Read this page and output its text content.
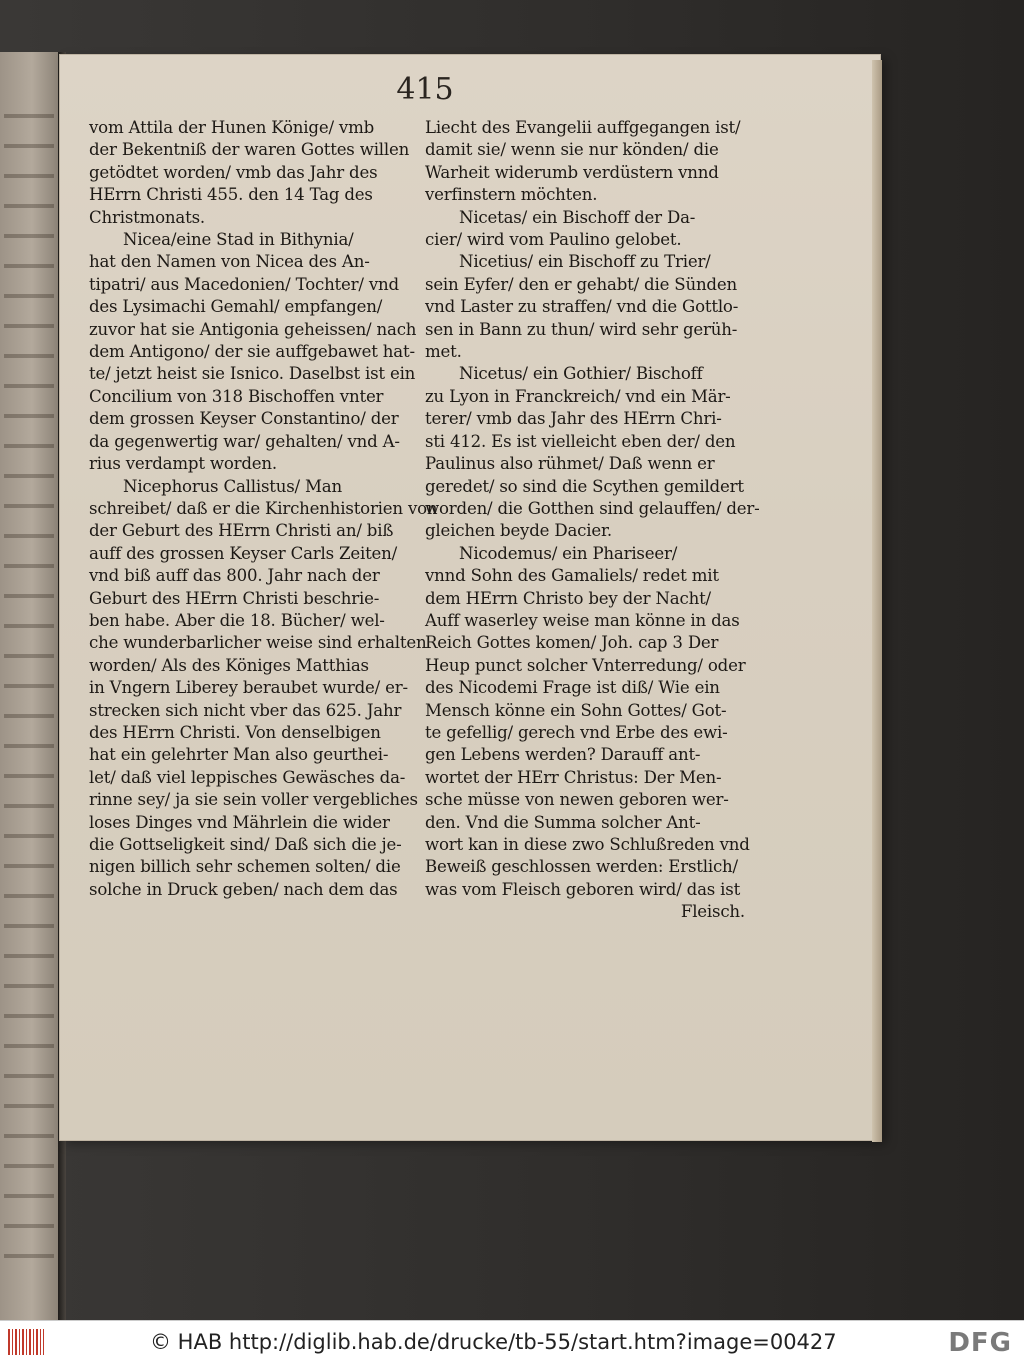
415
vom Attila der Hunen Könige/ vmb
der Bekentniß der waren Gottes willen
getödtet worden/ vmb das Jahr des
HErrn Christi 455. den 14 Tag des
Christmonats.
Nicea/eine Stad in Bithynia/
hat den Namen von Nicea des An-
tipatri/ aus Macedonien/ Tochter/ vnd
des Lysimachi Gemahl/ empfangen/
zuvor hat sie Antigonia geheissen/ nach
dem Antigono/ der sie auffgebawet hat-
te/ jetzt heist sie Isnico. Daselbst ist ein
Concilium von 318 Bischoffen vnter
dem grossen Keyser Constantino/ der
da gegenwertig war/ gehalten/ vnd A-
rius verdampt worden.
Nicephorus Callistus/ Man
schreibet/ daß er die Kirchenhistorien von
der Geburt des HErrn Christi an/ biß
auff des grossen Keyser Carls Zeiten/
vnd biß auff das 800. Jahr nach der
Geburt des HErrn Christi beschrie-
ben habe. Aber die 18. Bücher/ wel-
che wunderbarlicher weise sind erhalten
worden/ Als des Königes Matthias
in Vngern Liberey beraubet wurde/ er-
strecken sich nicht vber das 625. Jahr
des HErrn Christi. Von denselbigen
hat ein gelehrter Man also geurthei-
let/ daß viel leppisches Gewäsches da-
rinne sey/ ja sie sein voller vergebliches
loses Dinges vnd Mährlein die wider
die Gottseligkeit sind/ Daß sich die je-
nigen billich sehr schemen solten/ die
solche in Druck geben/ nach dem das
Liecht des Evangelii auffgegangen ist/
damit sie/ wenn sie nur könden/ die
Warheit widerumb verdüstern vnnd
verfinstern möchten.
Nicetas/ ein Bischoff der Da-
cier/ wird vom Paulino gelobet.
Nicetius/ ein Bischoff zu Trier/
sein Eyfer/ den er gehabt/ die Sünden
vnd Laster zu straffen/ vnd die Gottlo-
sen in Bann zu thun/ wird sehr gerüh-
met.
Nicetus/ ein Gothier/ Bischoff
zu Lyon in Franckreich/ vnd ein Mär-
terer/ vmb das Jahr des HErrn Chri-
sti 412. Es ist vielleicht eben der/ den
Paulinus also rühmet/ Daß wenn er
geredet/ so sind die Scythen gemildert
worden/ die Gotthen sind gelauffen/ der-
gleichen beyde Dacier.
Nicodemus/ ein Phariseer/
vnnd Sohn des Gamaliels/ redet mit
dem HErrn Christo bey der Nacht/
Auff waserley weise man könne in das
Reich Gottes komen/ Joh. cap 3 Der
Heup punct solcher Vnterredung/ oder
des Nicodemi Frage ist diß/ Wie ein
Mensch könne ein Sohn Gottes/ Got-
te gefellig/ gerech vnd Erbe des ewi-
gen Lebens werden? Darauff ant-
wortet der HErr Christus: Der Men-
sche müsse von newen geboren wer-
den. Vnd die Summa solcher Ant-
wort kan in diese zwo Schlußreden vnd
Beweiß geschlossen werden: Erstlich/
was vom Fleisch geboren wird/ das ist
Fleisch.
© HAB http://diglib.hab.de/drucke/tb-55/start.htm?image=00427	DFG
